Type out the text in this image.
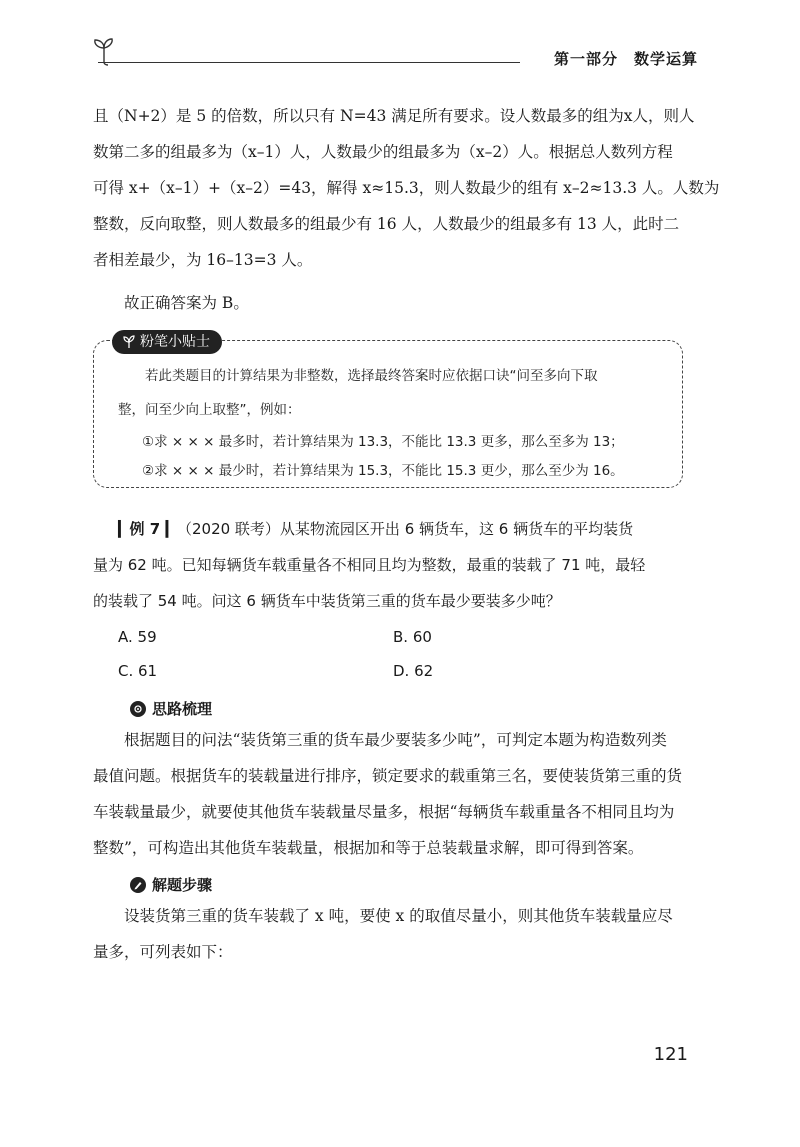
第一部分　数学运算
且（N+2）是 5 的倍数，所以只有 N=43 满足所有要求。设人数最多的组为x人，则人
数第二多的组最多为（x–1）人，人数最少的组最多为（x–2）人。根据总人数列方程
可得 x+（x–1）+（x–2）=43，解得 x≈15.3，则人数最少的组有 x–2≈13.3 人。人数为
整数，反向取整，则人数最多的组最少有 16 人，人数最少的组最多有 13 人，此时二
者相差最少，为 16–13=3 人。
故正确答案为 B。
粉笔小贴士
若此类题目的计算结果为非整数，选择最终答案时应依据口诀“问至多向下取
整，问至少向上取整”，例如：
①求 × × × 最多时，若计算结果为 13.3，不能比 13.3 更多，那么至多为 13；
②求 × × × 最少时，若计算结果为 15.3，不能比 15.3 更少，那么至少为 16。
▎例 7 ▎（2020 联考）从某物流园区开出 6 辆货车，这 6 辆货车的平均装货
量为 62 吨。已知每辆货车载重量各不相同且均为整数，最重的装载了 71 吨，最轻
的装载了 54 吨。问这 6 辆货车中装货第三重的货车最少要装多少吨？
A. 59	B. 60
C. 61	D. 62
思路梳理
根据题目的问法“装货第三重的货车最少要装多少吨”，可判定本题为构造数列类
最值问题。根据货车的装载量进行排序，锁定要求的载重第三名，要使装货第三重的货
车装载量最少，就要使其他货车装载量尽量多，根据“每辆货车载重量各不相同且均为
整数”，可构造出其他货车装载量，根据加和等于总装载量求解，即可得到答案。
解题步骤
设装货第三重的货车装载了 x 吨，要使 x 的取值尽量小，则其他货车装载量应尽
量多，可列表如下：
121
